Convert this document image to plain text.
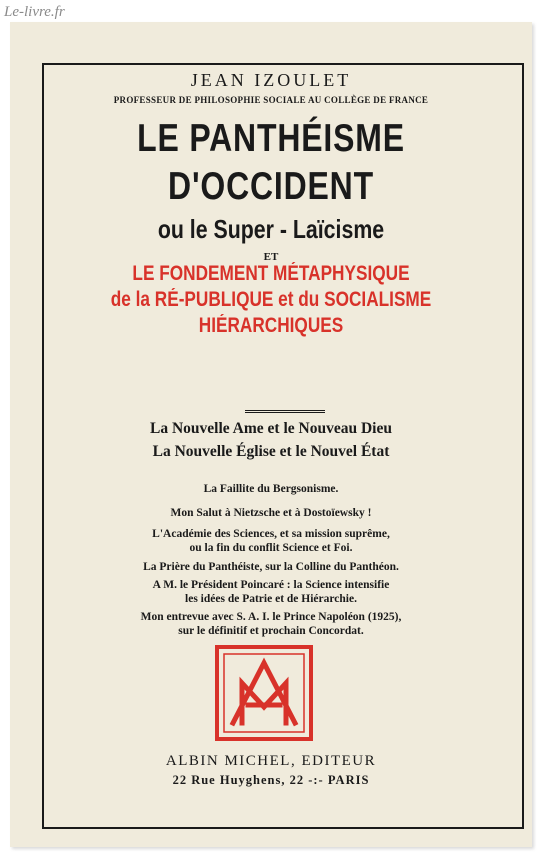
Le-livre.fr
JEAN IZOULET
PROFESSEUR DE PHILOSOPHIE SOCIALE AU COLLÈGE DE FRANCE
LE PANTHÉISME
D'OCCIDENT
ou le Super - Laïcisme
ET
LE FONDEMENT MÉTAPHYSIQUE
de la RÉ-PUBLIQUE et du SOCIALISME
HIÉRARCHIQUES
La Nouvelle Ame et le Nouveau Dieu
La Nouvelle Église et le Nouvel État
La Faillite du Bergsonisme.
Mon Salut à Nietzsche et à Dostoïewsky !
L'Académie des Sciences, et sa mission suprême,
ou la fin du conflit Science et Foi.
La Prière du Panthéiste, sur la Colline du Panthéon.
A M. le Président Poincaré : la Science intensifie
les idées de Patrie et de Hiérarchie.
Mon entrevue avec S. A. I. le Prince Napoléon (1925),
sur le définitif et prochain Concordat.
ALBIN MICHEL, EDITEUR
22 Rue Huyghens, 22 -:- PARIS
